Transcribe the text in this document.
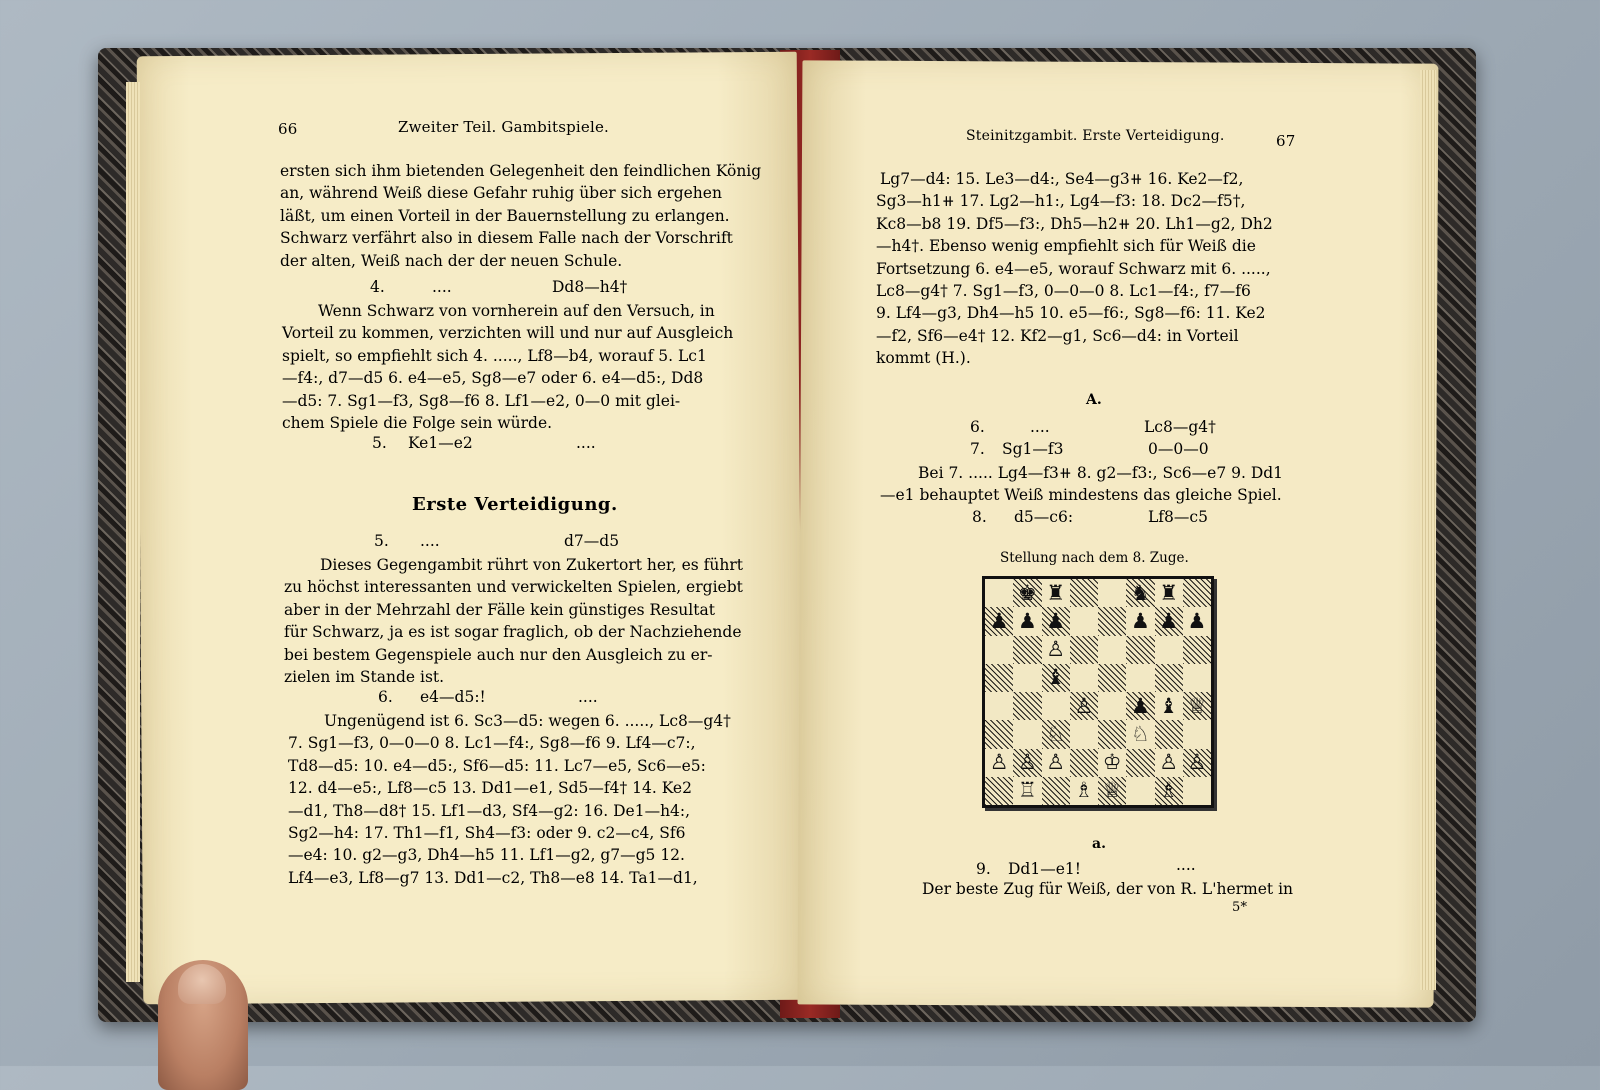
66	Zweiter Teil. Gambitspiele.
ersten sich ihm bietenden Gelegenheit den feindlichen König
an, während Weiß diese Gefahr ruhig über sich ergehen
läßt, um einen Vorteil in der Bauernstellung zu erlangen.
Schwarz verfährt also in diesem Falle nach der Vorschrift
der alten, Weiß nach der der neuen Schule.
4.	....	Dd8—h4†
Wenn Schwarz von vornherein auf den Versuch, in
Vorteil zu kommen, verzichten will und nur auf Ausgleich
spielt, so empfiehlt sich 4. ....., Lf8—b4, worauf 5. Lc1
—f4:, d7—d5 6. e4—e5, Sg8—e7 oder 6. e4—d5:, Dd8
—d5: 7. Sg1—f3, Sg8—f6 8. Lf1—e2, 0—0 mit glei-
chem Spiele die Folge sein würde.
5. Ke1—e2	....
Erste Verteidigung.
5. ....	d7—d5
Dieses Gegengambit rührt von Zukertort her, es führt
zu höchst interessanten und verwickelten Spielen, ergiebt
aber in der Mehrzahl der Fälle kein günstiges Resultat
für Schwarz, ja es ist sogar fraglich, ob der Nachziehende
bei bestem Gegenspiele auch nur den Ausgleich zu er-
zielen im Stande ist.
6. e4—d5:!	....
Ungenügend ist 6. Sc3—d5: wegen 6. ....., Lc8—g4†
7. Sg1—f3, 0—0—0 8. Lc1—f4:, Sg8—f6 9. Lf4—c7:,
Td8—d5: 10. e4—d5:, Sf6—d5: 11. Lc7—e5, Sc6—e5:
12. d4—e5:, Lf8—c5 13. Dd1—e1, Sd5—f4† 14. Ke2
—d1, Th8—d8† 15. Lf1—d3, Sf4—g2: 16. De1—h4:,
Sg2—h4: 17. Th1—f1, Sh4—f3: oder 9. c2—c4, Sf6
—e4: 10. g2—g3, Dh4—h5 11. Lf1—g2, g7—g5 12.
Lf4—e3, Lf8—g7 13. Dd1—c2, Th8—e8 14. Ta1—d1,
Steinitzgambit. Erste Verteidigung.	67
Lg7—d4: 15. Le3—d4:, Se4—g3⧺ 16. Ke2—f2,
Sg3—h1⧺ 17. Lg2—h1:, Lg4—f3: 18. Dc2—f5†,
Kc8—b8 19. Df5—f3:, Dh5—h2⧺ 20. Lh1—g2, Dh2
—h4†. Ebenso wenig empfiehlt sich für Weiß die
Fortsetzung 6. e4—e5, worauf Schwarz mit 6. .....,
Lc8—g4† 7. Sg1—f3, 0—0—0 8. Lc1—f4:, f7—f6
9. Lf4—g3, Dh4—h5 10. e5—f6:, Sg8—f6: 11. Ke2
—f2, Sf6—e4† 12. Kf2—g1, Sc6—d4: in Vorteil
kommt (H.).
A.
6.	....	Lc8—g4†
7. Sg1—f3	0—0—0
Bei 7. ..... Lg4—f3⧺ 8. g2—f3:, Sc6—e7 9. Dd1
—e1 behauptet Weiß mindestens das gleiche Spiel.
8. d5—c6:	Lf8—c5
Stellung nach dem 8. Zuge.
♚ ♜	♞ ♜
♟ ♟ ♟	♟ ♟ ♟
♙
♝
♙ ♟ ♝ ♕
♘	♘
♙ ♙ ♙ ♔ ♙ ♙
♖ ♗ ♕ ♗
a.
9. Dd1—e1!	....
Der beste Zug für Weiß, der von R. L'hermet in
5*
